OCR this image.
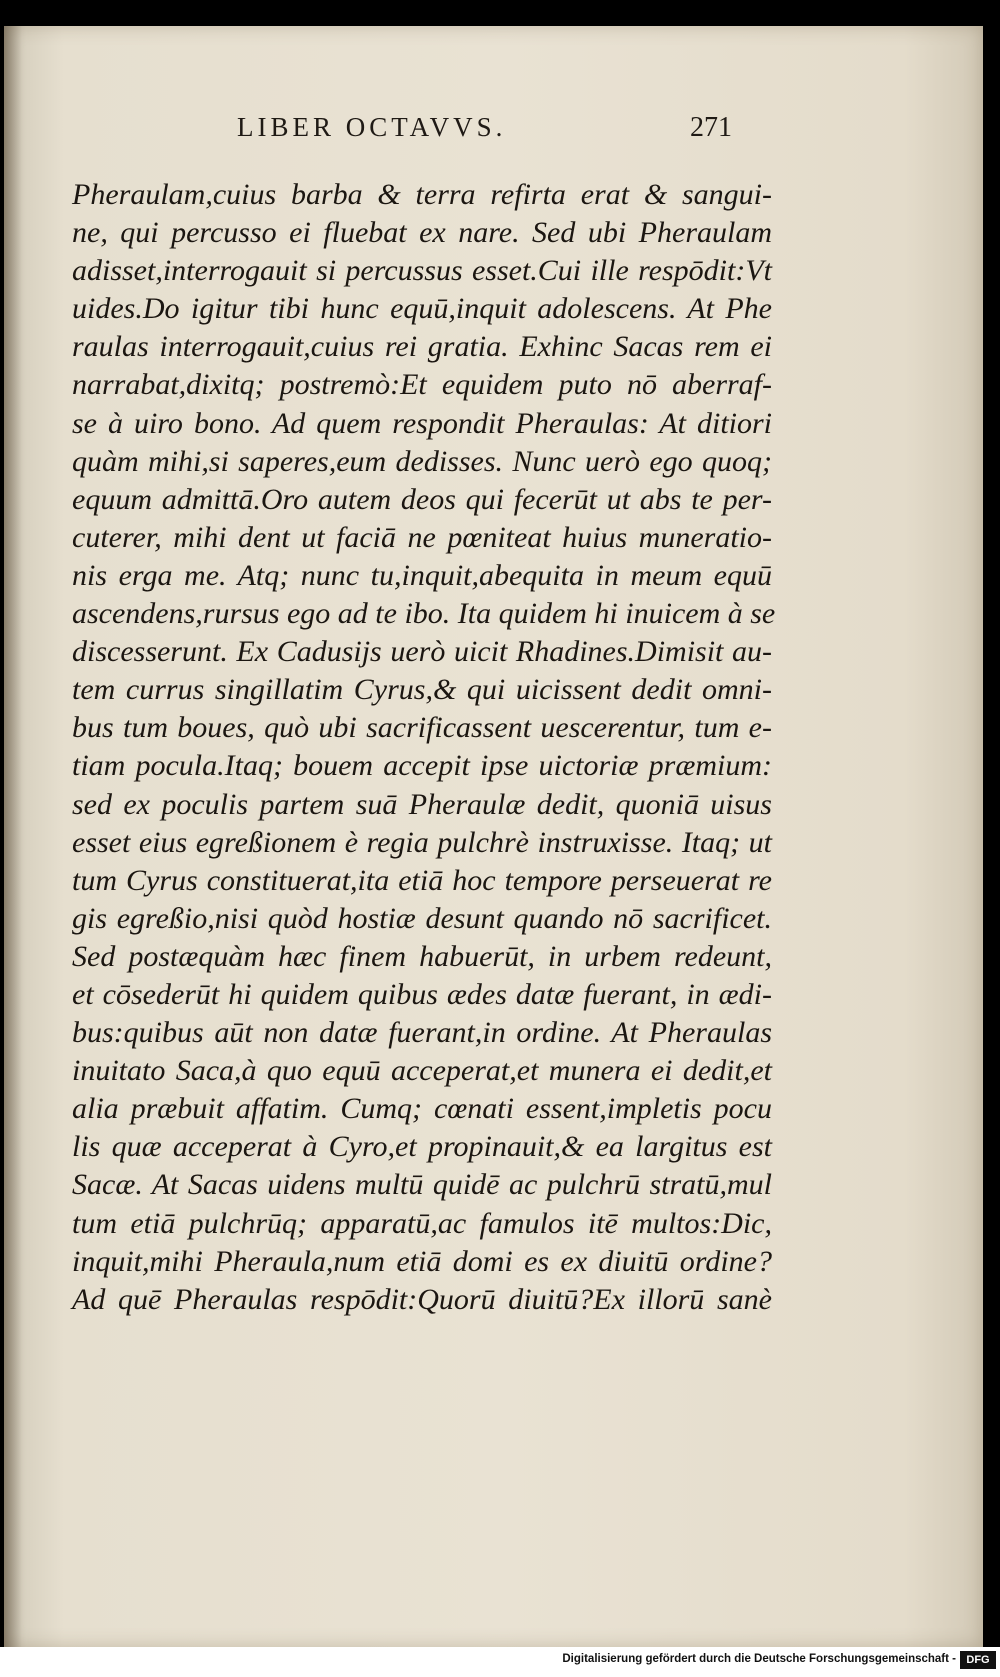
LIBER OCTAVVS.	271
Pheraulam,cuius barba & terra refirta erat & sangui-
ne, qui percusso ei fluebat ex nare. Sed ubi Pheraulam
adisset,interrogauit si percussus esset.Cui ille respōdit:Vt
uides.Do igitur tibi hunc equū,inquit adolescens. At Phe
raulas interrogauit,cuius rei gratia. Exhinc Sacas rem ei
narrabat,dixitq; postremò:Et equidem puto nō aberraf-
se à uiro bono. Ad quem respondit Pheraulas: At ditiori
quàm mihi,si saperes,eum dedisses. Nunc uerò ego quoq;
equum admittā.Oro autem deos qui fecerūt ut abs te per-
cuterer, mihi dent ut faciā ne pœniteat huius muneratio-
nis erga me. Atq; nunc tu,inquit,abequita in meum equū
ascendens,rursus ego ad te ibo. Ita quidem hi inuicem à se
discesserunt. Ex Cadusijs uerò uicit Rhadines.Dimisit au-
tem currus singillatim Cyrus,& qui uicissent dedit omni-
bus tum boues, quò ubi sacrificassent uescerentur, tum e-
tiam pocula.Itaq; bouem accepit ipse uictoriæ præmium:
sed ex poculis partem suā Pheraulæ dedit, quoniā uisus
esset eius egreßionem è regia pulchrè instruxisse. Itaq; ut
tum Cyrus constituerat,ita etiā hoc tempore perseuerat re
gis egreßio,nisi quòd hostiæ desunt quando nō sacrificet.
Sed postæquàm hæc finem habuerūt, in urbem redeunt,
et cōsederūt hi quidem quibus ædes datæ fuerant, in ædi-
bus:quibus aūt non datæ fuerant,in ordine. At Pheraulas
inuitato Saca,à quo equū acceperat,et munera ei dedit,et
alia præbuit affatim. Cumq; cœnati essent,impletis pocu
lis quæ acceperat à Cyro,et propinauit,& ea largitus est
Sacæ. At Sacas uidens multū quidē ac pulchrū stratū,mul
tum etiā pulchrūq; apparatū,ac famulos itē multos:Dic,
inquit,mihi Pheraula,num etiā domi es ex diuitū ordine?
Ad quē Pheraulas respōdit:Quorū diuitū?Ex illorū sanè
Digitalisierung gefördert durch die Deutsche Forschungsgemeinschaft - DFG
